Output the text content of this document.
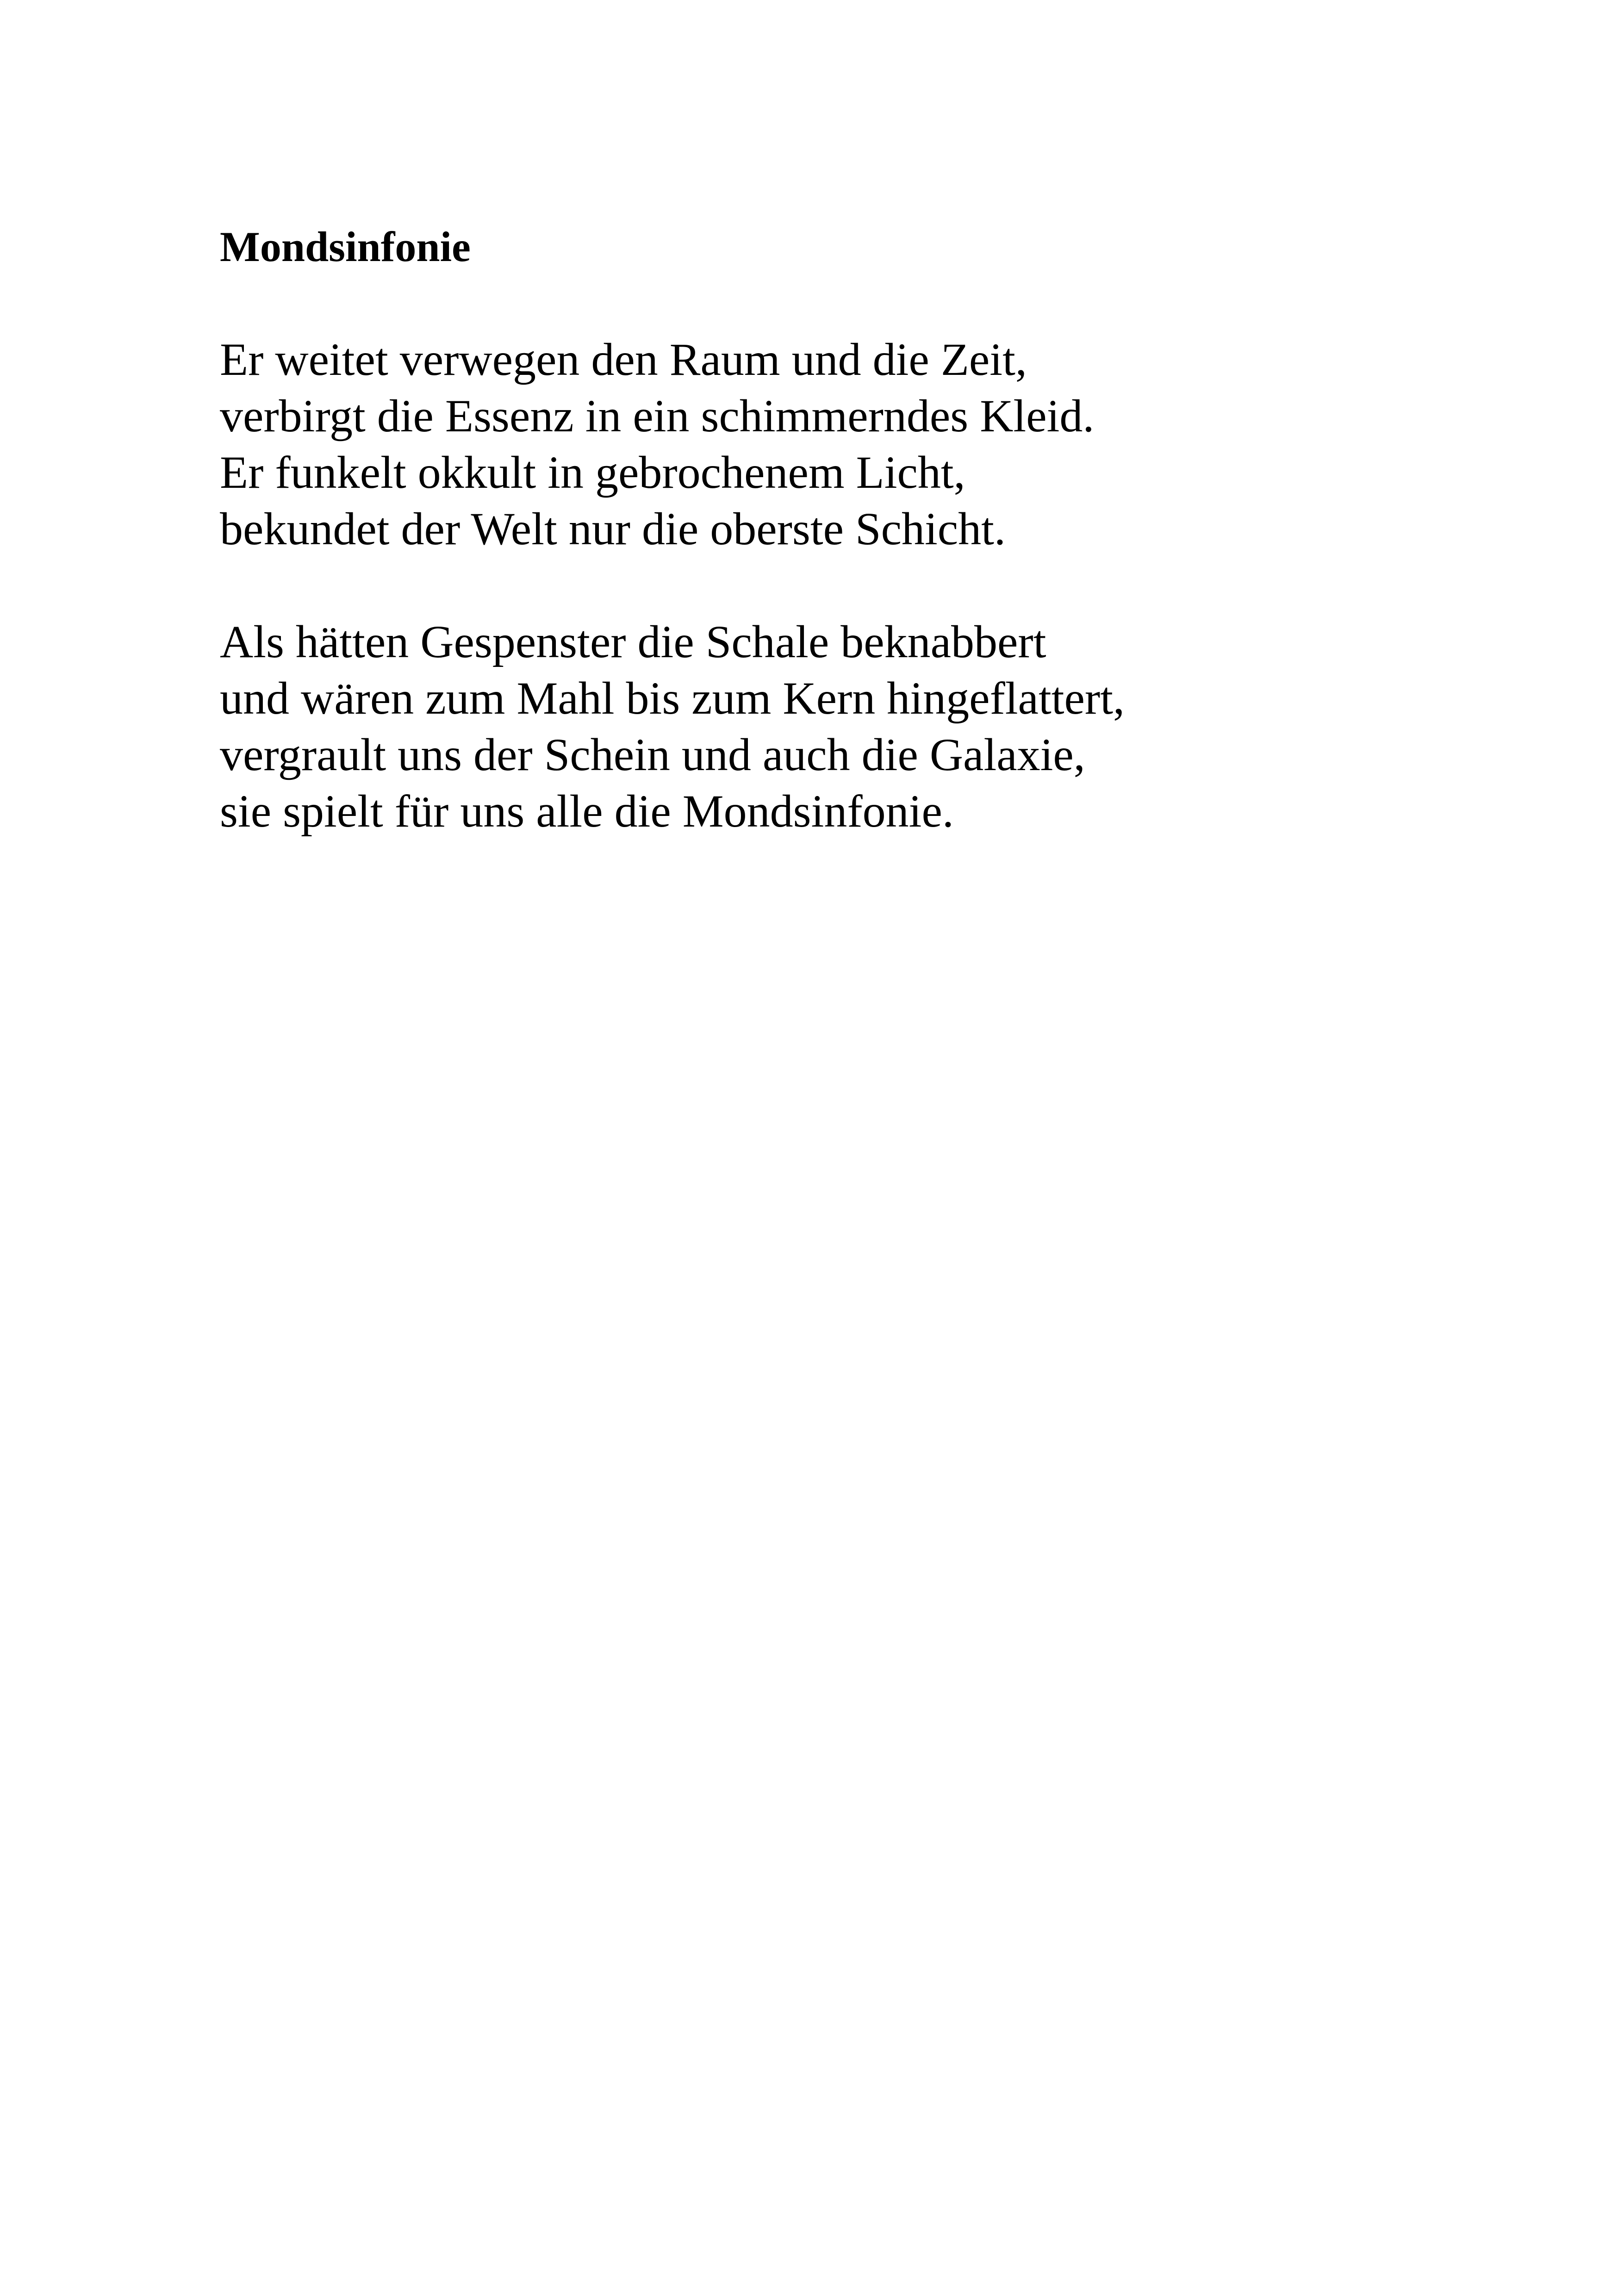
Mondsinfonie
Er weitet verwegen den Raum und die Zeit,
verbirgt die Essenz in ein schimmerndes Kleid.
Er funkelt okkult in gebrochenem Licht,
bekundet der Welt nur die oberste Schicht.
Als hätten Gespenster die Schale beknabbert
und wären zum Mahl bis zum Kern hingeflattert,
vergrault uns der Schein und auch die Galaxie,
sie spielt für uns alle die Mondsinfonie.
